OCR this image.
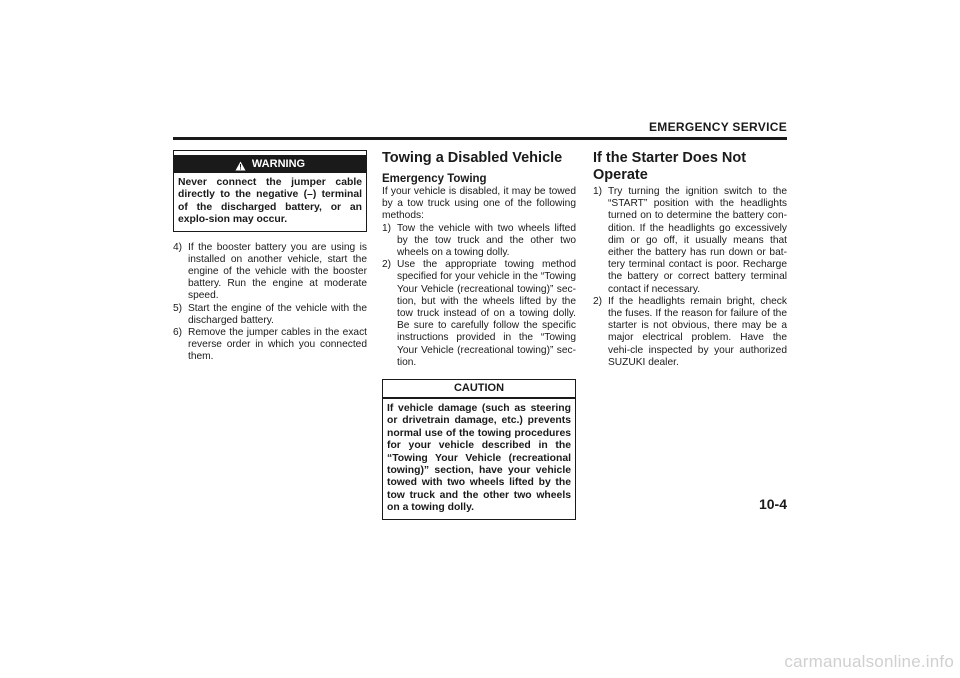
EMERGENCY SERVICE
WARNING
Never connect the jumper cable directly to the negative (–) terminal of the discharged battery, or an explo-sion may occur.
4) If the booster battery you are using is installed on another vehicle, start the engine of the vehicle with the booster battery. Run the engine at moderate speed.
5) Start the engine of the vehicle with the discharged battery.
6) Remove the jumper cables in the exact reverse order in which you connected them.
Towing a Disabled Vehicle
Emergency Towing

If your vehicle is disabled, it may be towed by a tow truck using one of the following methods:

1) Tow the vehicle with two wheels lifted by the tow truck and the other two wheels on a towing dolly.
2) Use the appropriate towing method specified for your vehicle in the “Towing Your Vehicle (recreational towing)” sec-tion, but with the wheels lifted by the tow truck instead of on a towing dolly. Be sure to carefully follow the specific instructions provided in the “Towing Your Vehicle (recreational towing)” sec-tion.
CAUTION
If vehicle damage (such as steering or drivetrain damage, etc.) prevents normal use of the towing procedures for your vehicle described in the “Towing Your Vehicle (recreational towing)” section, have your vehicle towed with two wheels lifted by the tow truck and the other two wheels on a towing dolly.
If the Starter Does Not Operate
1) Try turning the ignition switch to the “START” position with the headlights turned on to determine the battery con-dition. If the headlights go excessively dim or go off, it usually means that either the battery has run down or bat-tery terminal contact is poor. Recharge the battery or correct battery terminal contact if necessary.
2) If the headlights remain bright, check the fuses. If the reason for failure of the starter is not obvious, there may be a major electrical problem. Have the vehi-cle inspected by your authorized SUZUKI dealer.
10-4
carmanualsonline.info
